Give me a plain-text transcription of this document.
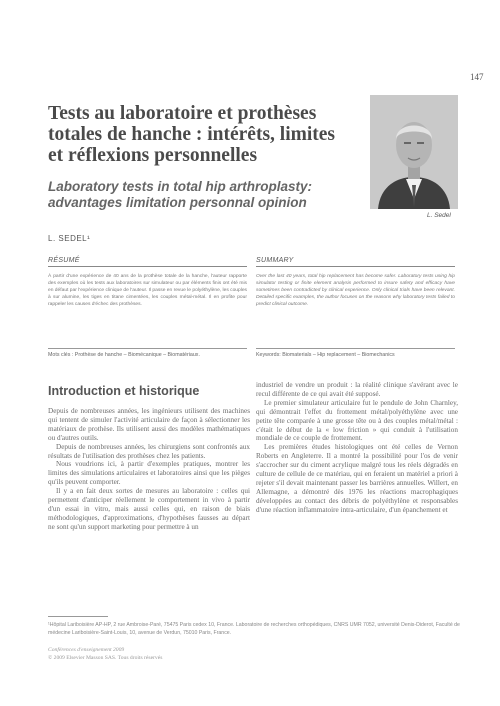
147
Tests au laboratoire et prothèses totales de hanche : intérêts, limites et réflexions personnelles
Laboratory tests in total hip arthroplasty: advantages limitation personnal opinion
L. Sedel
L. SEDEL¹
RÉSUMÉ

À partir d'une expérience de 40 ans de la prothèse totale de la hanche, l'auteur rapporte des exemples où les tests aux laboratoires sur simulateur ou par éléments finis ont été mis en défaut par l'expérience clinique de l'auteur. Il passe en revue le polyéthylène, les couples à sur alumine, les tiges en titane cimentées, les couples métal-métal. Il en profite pour rappeler les causes d'échec des prothèses.

Mots clés : Prothèse de hanche – Biomécanique – Biomatériaux.

SUMMARY

Over the last 40 years, total hip replacement has become safer. Laboratory tests using hip simulator testing or finite element analysis performed to insure safety and efficacy have sometimes been contradicted by clinical experience. Only clinical trials have been relevant. Detailed specific examples, the author focuses on the reasons why laboratory tests failed to predict clinical outcome.

Keywords: Biomaterials – Hip replacement – Biomechanics

Introduction et historique

Depuis de nombreuses années, les ingénieurs utilisent des machines qui tentent de simuler l'activité articulaire de façon à sélectionner les matériaux de prothèse. Ils utilisent aussi des modèles mathématiques ou d'autres outils.

Depuis de nombreuses années, les chirurgiens sont confrontés aux résultats de l'utilisation des prothèses chez les patients.

Nous voudrions ici, à partir d'exemples pratiques, montrer les limites des simulations articulaires et laboratoires ainsi que les pièges qu'ils peuvent comporter.

Il y a en fait deux sortes de mesures au laboratoire : celles qui permettent d'anticiper réellement le comportement in vivo à partir d'un essai in vitro, mais aussi celles qui, en raison de biais méthodologiques, d'approximations, d'hypothèses fausses au départ ne sont qu'un support marketing pour permettre à un

industriel de vendre un produit : la réalité clinique s'avérant avec le recul différente de ce qui avait été supposé.

Le premier simulateur articulaire fut le pendule de John Charnley, qui démontrait l'effet du frottement métal/polyéthylène avec une petite tête comparée à une grosse tête ou à des couples métal/métal : c'était le début de la « low friction » qui conduit à l'utilisation mondiale de ce couple de frottement.

Les premières études histologiques ont été celles de Vernon Roberts en Angleterre. Il a montré la possibilité pour l'os de venir s'accrocher sur du ciment acrylique malgré tous les réels dégradés en culture de cellule de ce matériau, qui en feraient un matériel a priori à rejeter s'il devait maintenant passer les barrières annuelles. Willert, en Allemagne, a démontré dès 1976 les réactions macrophagiques développées au contact des débris de polyéthylène et responsables d'une réaction inflammatoire intra-articulaire, d'un épanchement et

¹Hôpital Lariboisière AP-HP, 2 rue Ambroise-Paré, 75475 Paris cedex 10, France. Laboratoire de recherches orthopédiques, CNRS UMR 7052, université Denis-Diderot, Faculté de médecine Lariboisière-Saint-Louis, 10, avenue de Verdun, 75010 Paris, France.

Conférences d'enseignement 2009
© 2009 Elsevier Masson SAS. Tous droits réservés
